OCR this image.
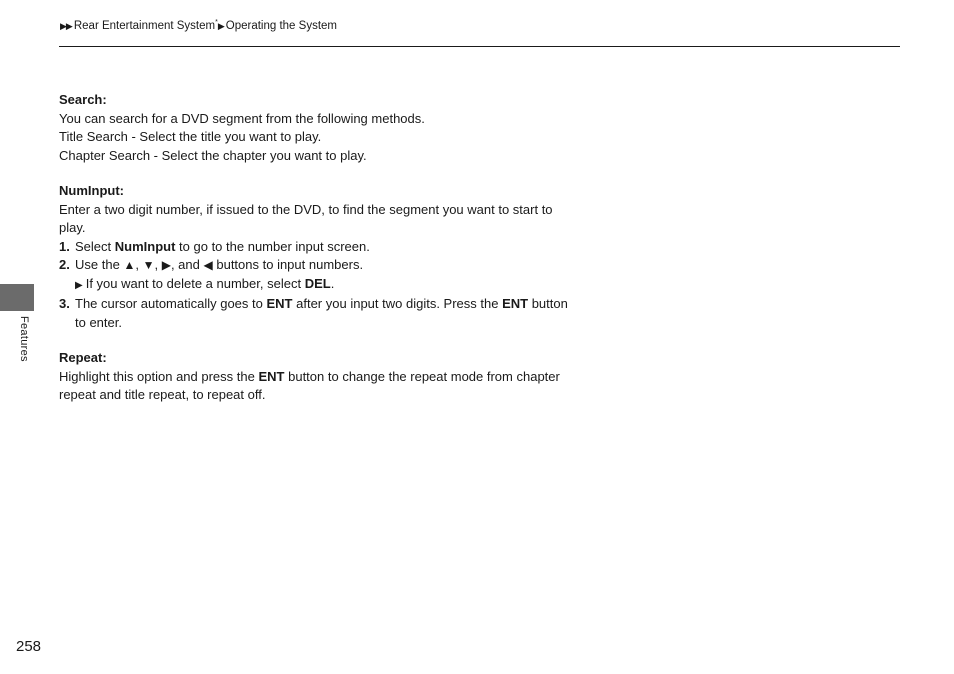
▶▶ Rear Entertainment System*▶ Operating the System
Features
258
Search:
You can search for a DVD segment from the following methods.
Title Search - Select the title you want to play.
Chapter Search - Select the chapter you want to play.
NumInput:
Enter a two digit number, if issued to the DVD, to find the segment you want to start to play.
1. Select NumInput to go to the number input screen.
2. Use the ▲, ▼, ▶, and ◀ buttons to input numbers.
▶ If you want to delete a number, select DEL.
3. The cursor automatically goes to ENT after you input two digits. Press the ENT button to enter.
Repeat:
Highlight this option and press the ENT button to change the repeat mode from chapter repeat and title repeat, to repeat off.
